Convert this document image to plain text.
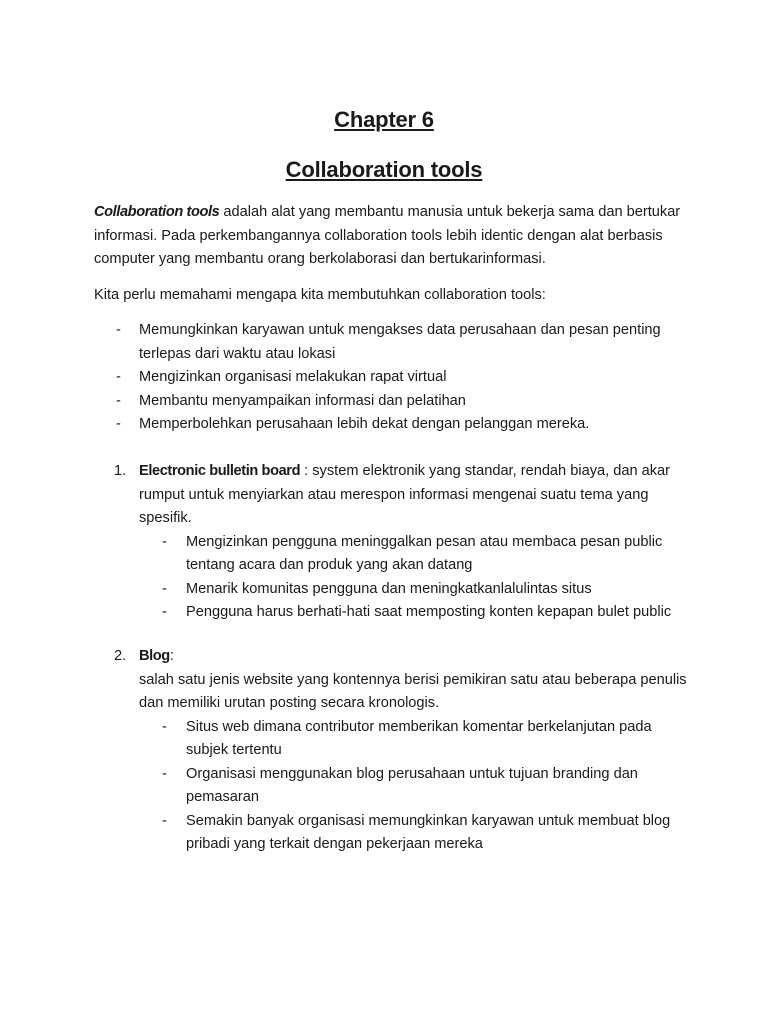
Chapter 6
Collaboration tools
Collaboration tools adalah alat yang membantu manusia untuk bekerja sama dan bertukar informasi. Pada perkembangannya collaboration tools lebih identic dengan alat berbasis computer yang membantu orang berkolaborasi dan bertukarinformasi.
Kita perlu memahami mengapa kita membutuhkan collaboration tools:
- Memungkinkan karyawan untuk mengakses data perusahaan dan pesan penting terlepas dari waktu atau lokasi
- Mengizinkan organisasi melakukan rapat virtual
- Membantu menyampaikan informasi dan pelatihan
- Memperbolehkan perusahaan lebih dekat dengan pelanggan mereka.
1. Electronic bulletin board : system elektronik yang standar, rendah biaya, dan akar rumput untuk menyiarkan atau merespon informasi mengenai suatu tema yang spesifik.
- Mengizinkan pengguna meninggalkan pesan atau membaca pesan public tentang acara dan produk yang akan datang
- Menarik komunitas pengguna dan meningkatkanlalulintas situs
- Pengguna harus berhati-hati saat memposting konten kepapan bulet public
2. Blog:
salah satu jenis website yang kontennya berisi pemikiran satu atau beberapa penulis dan memiliki urutan posting secara kronologis.
- Situs web dimana contributor memberikan komentar berkelanjutan pada subjek tertentu
- Organisasi menggunakan blog perusahaan untuk tujuan branding dan pemasaran
- Semakin banyak organisasi memungkinkan karyawan untuk membuat blog pribadi yang terkait dengan pekerjaan mereka
